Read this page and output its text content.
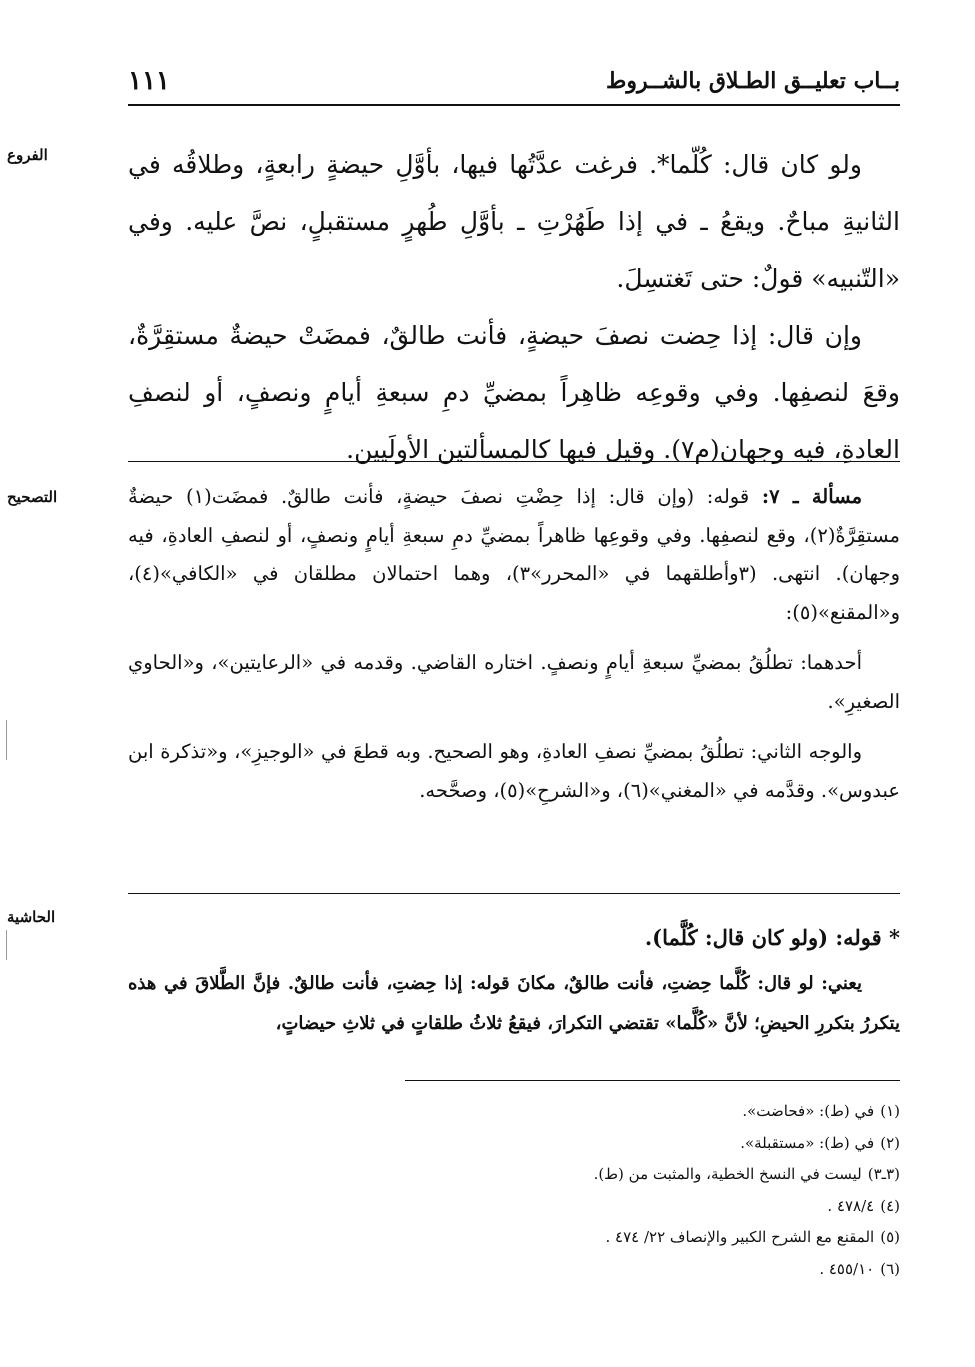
بــاب تعليــق الطـلاق بالشــروط
١١١
الفروع
التصحيح
الحاشية

ولو كان قال: كُلّما*. فرغت عدَّتُها فيها، بأوَّلِ حيضةٍ رابعةٍ، وطلاقُه في الثانيةِ مباحٌ. ويقعُ ـ في إذا طَهُرْتِ ـ بأوَّلِ طُهرٍ مستقبلٍ، نصَّ عليه. وفي «التّنبيه» قولٌ: حتى تَغتسِلَ.

وإن قال: إذا حِضت نصفَ حيضةٍ، فأنت طالقٌ، فمضَتْ حيضةٌ مستقِرَّةٌ، وقعَ لنصفِها. وفي وقوعِه ظاهِراً بمضيِّ دمِ سبعةِ أيامٍ ونصفٍ، أو لنصفِ العادةِ، فيه وجهان(م٧). وقيل فيها كالمسألتين الأولَيين.

مسألة ـ ٧: قوله: (وإن قال: إذا حِضْتِ نصفَ حيضةٍ، فأنت طالقٌ. فمضَت(١) حيضةٌ مستقِرَّةٌ(٢)، وقع لنصفِها. وفي وقوعِها ظاهراً بمضيِّ دمِ سبعةِ أيامٍ ونصفٍ، أو لنصفِ العادةِ، فيه وجهان). انتهى. (٣وأطلقهما في «المحرر»٣)، وهما احتمالان مطلقان في «الكافي»(٤)، و«المقنع»(٥):

أحدهما: تطلُقُ بمضيِّ سبعةِ أيامٍ ونصفٍ. اختاره القاضي. وقدمه في «الرعايتين»، و«الحاوي الصغيرِ».

والوجه الثاني: تطلُقُ بمضيِّ نصفِ العادةِ، وهو الصحيح. وبه قطعَ في «الوجيزِ»، و«تذكرة ابن عبدوس». وقدَّمه في «المغني»(٦)، و«الشرحِ»(٥)، وصحَّحه.

* قوله: (ولو كان قال: كُلَّما).

يعني: لو قال: كُلَّما حِضتِ، فأنت طالقٌ، مكانَ قوله: إذا حِضتِ، فأنت طالقٌ. فإنَّ الطَّلاقَ في هذه يتكررُ بتكررِ الحيضِ؛ لأنَّ «كُلَّما» تقتضي التكرارَ، فيقعُ ثلاثُ طلقاتٍ في ثلاثِ حيضاتٍ،

(١)في (ط): «فحاضت».
(٢)في (ط): «مستقبلة».
(٣ـ٣)ليست في النسخ الخطية، والمثبت من (ط).
(٤)٤٧٨/٤ .
(٥)المقنع مع الشرح الكبير والإنصاف ٢٢/ ٤٧٤ .
(٦)٤٥٥/١٠ .
